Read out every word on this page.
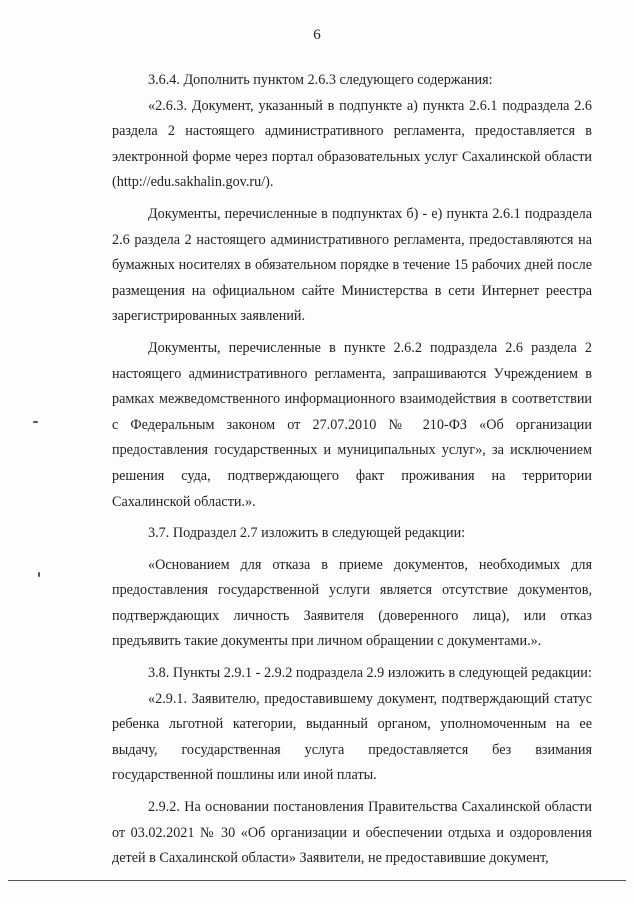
6

3.6.4. Дополнить пунктом 2.6.3 следующего содержания:

«2.6.3. Документ, указанный в подпункте а) пункта 2.6.1 подраздела 2.6 раздела 2 настоящего административного регламента, предоставляется в электронной форме через портал образовательных услуг Сахалинской области (http://edu.sakhalin.gov.ru/).

Документы, перечисленные в подпунктах б) - е) пункта 2.6.1 подраздела 2.6 раздела 2 настоящего административного регламента, предоставляются на бумажных носителях в обязательном порядке в течение 15 рабочих дней после размещения на официальном сайте Министерства в сети Интернет реестра зарегистрированных заявлений.

Документы, перечисленные в пункте 2.6.2 подраздела 2.6 раздела 2 настоящего административного регламента, запрашиваются Учреждением в рамках межведомственного информационного взаимодействия в соответствии с Федеральным законом от 27.07.2010 № 210-ФЗ «Об организации предоставления государственных и муниципальных услуг», за исключением решения суда, подтверждающего факт проживания на территории Сахалинской области.».

3.7. Подраздел 2.7 изложить в следующей редакции:

«Основанием для отказа в приеме документов, необходимых для предоставления государственной услуги является отсутствие документов, подтверждающих личность Заявителя (доверенного лица), или отказ предъявить такие документы при личном обращении с документами.».

3.8. Пункты 2.9.1 - 2.9.2 подраздела 2.9 изложить в следующей редакции:

«2.9.1. Заявителю, предоставившему документ, подтверждающий статус ребенка льготной категории, выданный органом, уполномоченным на ее выдачу, государственная услуга предоставляется без взимания государственной пошлины или иной платы.

2.9.2. На основании постановления Правительства Сахалинской области от 03.02.2021 № 30 «Об организации и обеспечении отдыха и оздоровления детей в Сахалинской области» Заявители, не предоставившие документ,
